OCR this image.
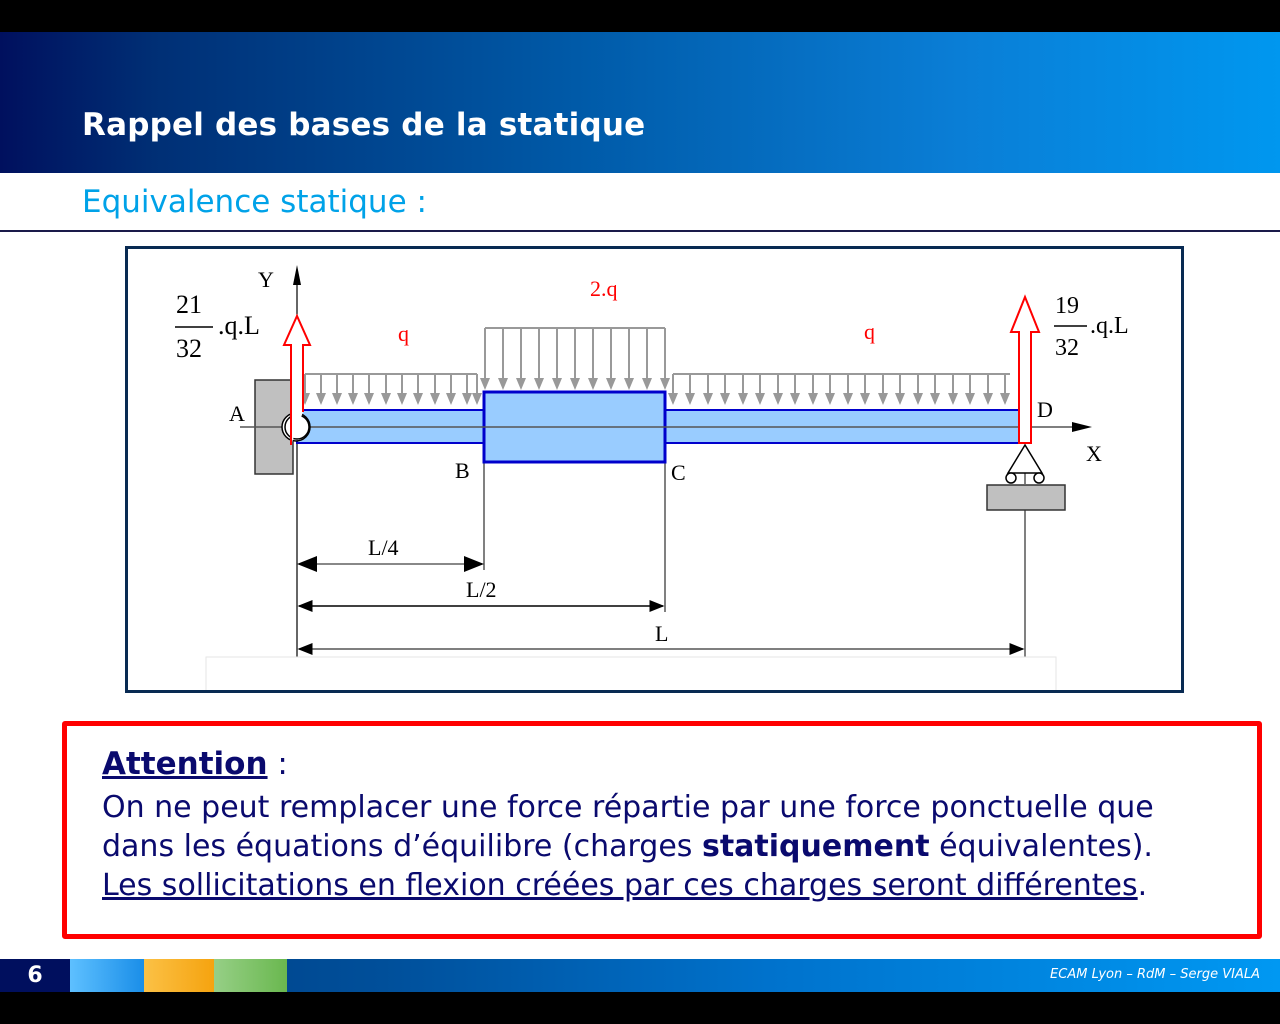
Rappel des bases de la statique
Equivalence statique :
Y
X
A
B	C
D
q
2.q
q
21
32
.q.L
19
32
.q.L
L/4
L/2
L
Attention :
On ne peut remplacer une force répartie par une force ponctuelle que
dans les équations d’équilibre (charges statiquement équivalentes).
Les sollicitations en flexion créées par ces charges seront différentes.
6	ECAM Lyon – RdM – Serge VIALA
